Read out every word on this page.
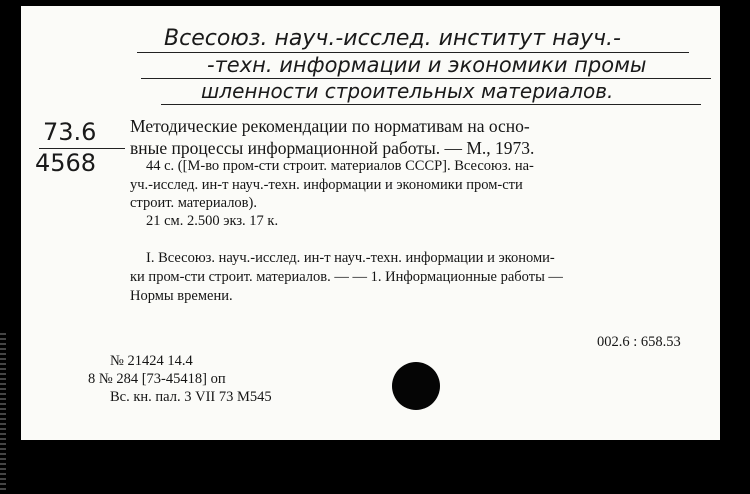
Всесоюз. науч.-исслед. институт науч.-
-техн. информации и экономики промы
шленности строительных материалов.
73.6
4568
Методические рекомендации по нормативам на осно-
вные процессы информационной работы. — М., 1973.
44 с. ([М-во пром-сти строит. материалов СССР]. Всесоюз. на-
уч.-исслед. ин-т науч.-техн. информации и экономики пром-сти
строит. материалов).
21 см. 2.500 экз. 17 к.
I. Всесоюз. науч.-исслед. ин-т науч.-техн. информации и экономи-
ки пром-сти строит. материалов. — — 1. Информационные работы —
Нормы времени.
002.6 : 658.53
№ 21424 14.4
8 № 284 [73-45418] оп
Вс. кн. пал. 3 VII 73 M545
